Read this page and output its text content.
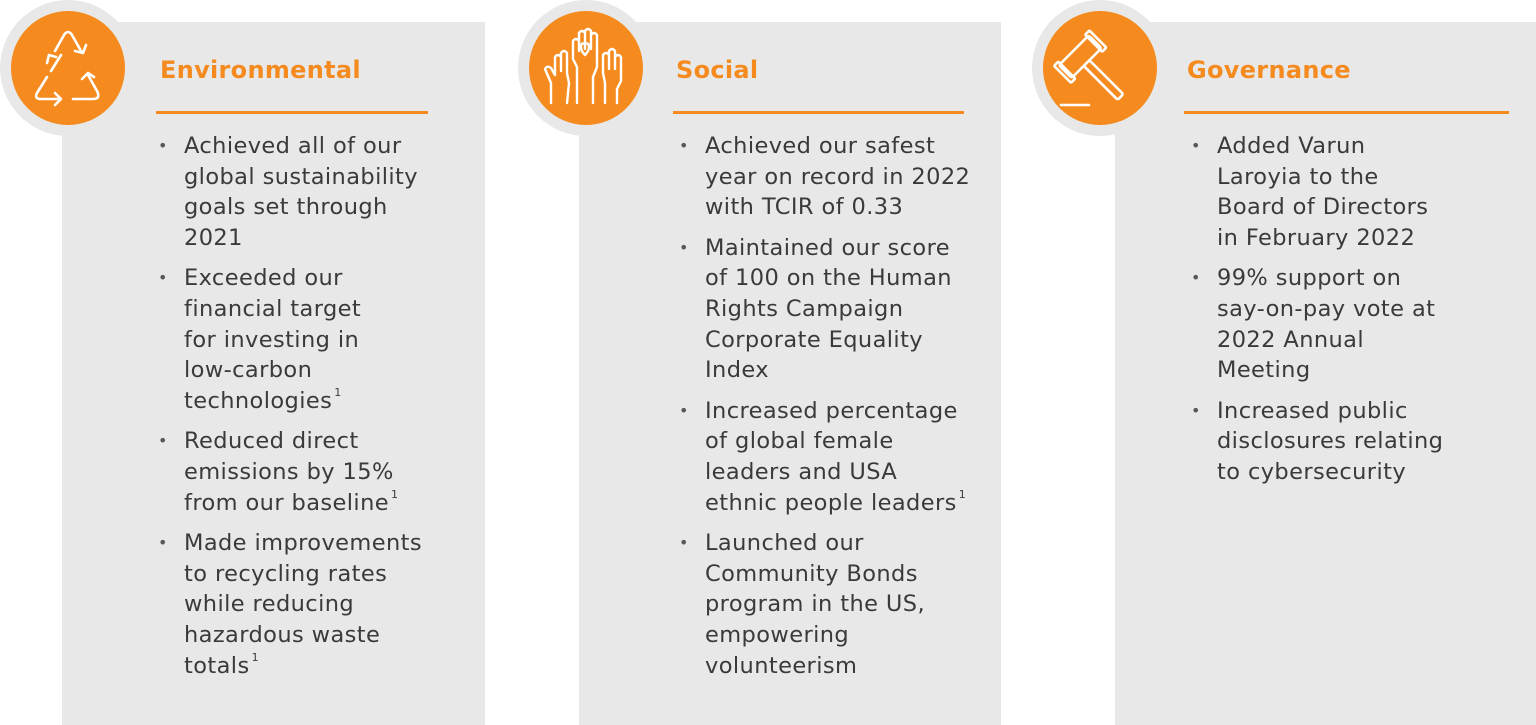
Environmental	Social	Governance
• Achieved all of our
global sustainability
goals set through
2021
• Exceeded our
financial target
for investing in
low-carbon
technologies $^1$
• Reduced direct
emissions by 15%
from our baseline $^1$
• Made improvements
to recycling rates
while reducing
hazardous waste
totals $^1$
• Achieved our safest
year on record in 2022
with TCIR of 0.33
• Maintained our score
of 100 on the Human
Rights Campaign
Corporate Equality
Index
• Increased percentage
of global female
leaders and USA
ethnic people leaders $^1$
• Launched our
Community Bonds
program in the US,
empowering
volunteerism
• Added Varun
Laroyia to the
Board of Directors
in February 2022
• 99% support on
say-on-pay vote at
2022 Annual
Meeting
• Increased public
disclosures relating
to cybersecurity
